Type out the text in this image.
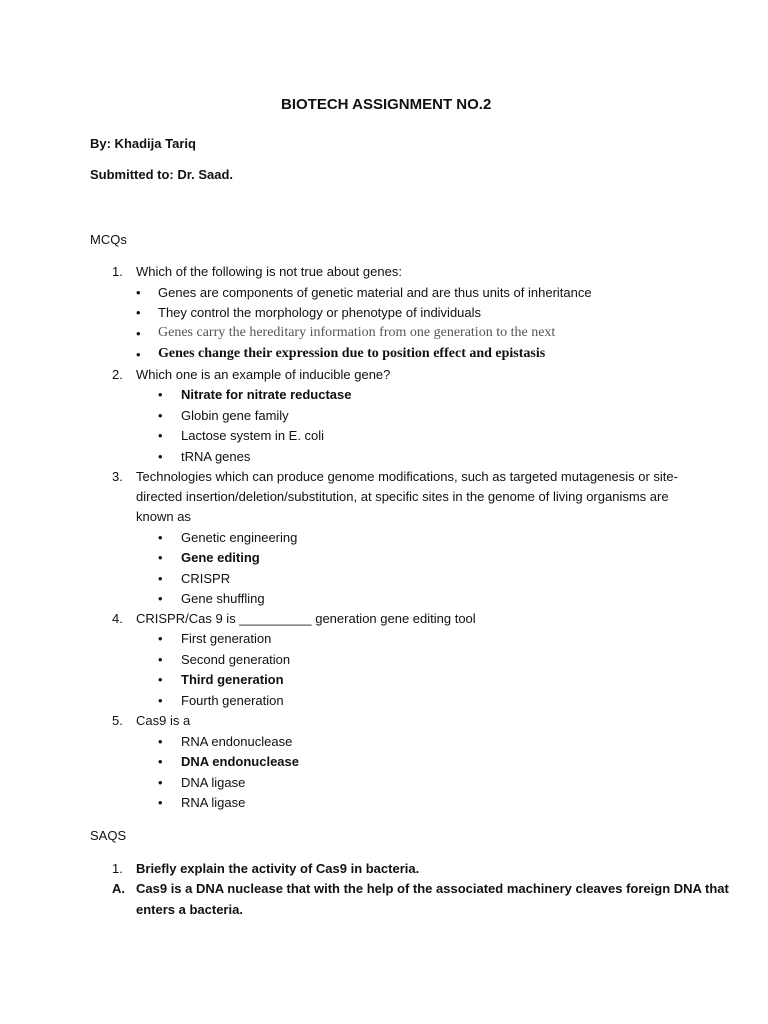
BIOTECH ASSIGNMENT NO.2
By: Khadija Tariq
Submitted to: Dr. Saad.
MCQs
1. Which of the following is not true about genes:
• Genes are components of genetic material and are thus units of inheritance
• They control the morphology or phenotype of individuals
• Genes carry the hereditary information from one generation to the next
• Genes change their expression due to position effect and epistasis
2. Which one is an example of inducible gene?
• Nitrate for nitrate reductase
• Globin gene family
• Lactose system in E. coli
• tRNA genes
3. Technologies which can produce genome modifications, such as targeted mutagenesis or site-
directed insertion/deletion/substitution, at specific sites in the genome of living organisms are
known as
• Genetic engineering
• Gene editing
• CRISPR
• Gene shuffling
4. CRISPR/Cas 9 is __________ generation gene editing tool
• First generation
• Second generation
• Third generation
• Fourth generation
5. Cas9 is a
• RNA endonuclease
• DNA endonuclease
• DNA ligase
• RNA ligase
SAQS
1. Briefly explain the activity of Cas9 in bacteria.
A. Cas9 is a DNA nuclease that with the help of the associated machinery cleaves foreign DNA that
enters a bacteria.
